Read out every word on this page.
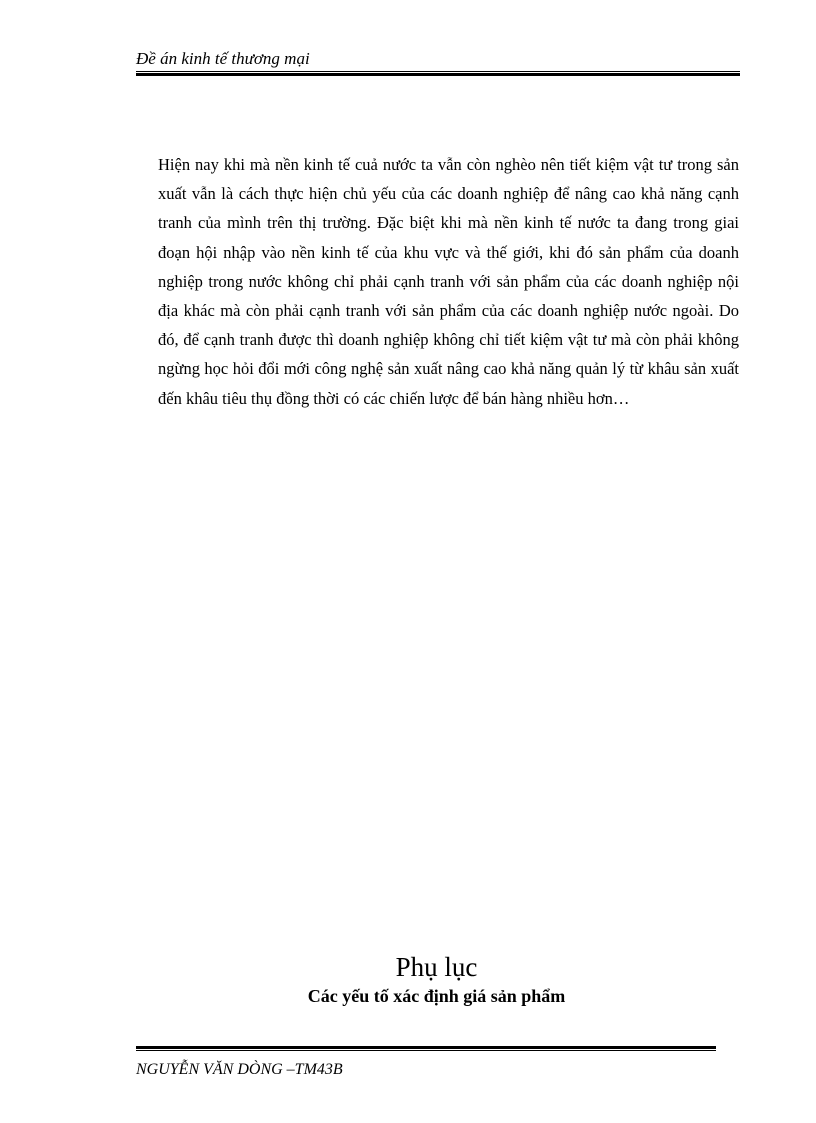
Đề án kinh tế thương mại
Hiện nay khi mà nền kinh tế cuả nước ta vẫn còn nghèo nên tiết kiệm vật tư trong sản xuất vẫn là cách thực hiện chủ yếu của các doanh nghiệp để nâng cao khả năng cạnh tranh của mình trên thị trường. Đặc biệt khi mà nền kinh tế nước ta đang trong giai đoạn hội nhập vào nền kinh tế của khu vực và thế giới, khi đó sản phẩm của doanh nghiệp trong nước không chỉ phải cạnh tranh với sản phẩm của các doanh nghiệp nội địa khác mà còn phải cạnh tranh với sản phẩm của các doanh nghiệp nước ngoài. Do đó, để cạnh tranh được thì doanh nghiệp không chỉ tiết kiệm vật tư mà còn phải không ngừng học hỏi đổi mới công nghệ sản xuất nâng cao khả năng quản lý từ khâu sản xuất đến khâu tiêu thụ đồng thời có các chiến lược để bán hàng nhiều hơn…
Phụ lục
Các yếu tố xác định giá sản phẩm
NGUYỄN VĂN DÒNG –TM43B
